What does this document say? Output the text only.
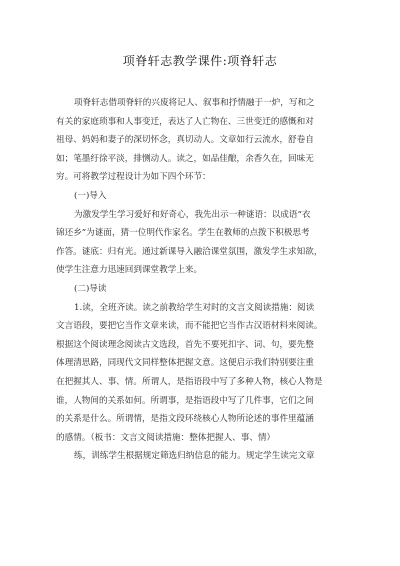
项脊轩志教学课件:项脊轩志
项脊轩志借项脊轩的兴废将记人、叙事和抒情融于一炉，写和之
有关的家庭琐事和人事变迁，表达了人亡物在、三世变迁的感慨和对
祖母、妈妈和妻子的深切怀念，真切动人。文章如行云流水，舒卷自
如；笔墨纡徐平淡，排恻动人。读之，如品佳酿，余香久在，回味无
穷。可将教学过程设计为如下四个环节：
(一)导入
为激发学生学习爱好和好奇心，我先出示一种谜语：以成语“衣
锦还乡”为谜面，猜一位明代作家名。学生在教师的点拨下积极思考
作答。谜底：归有光。通过新课导入融洽课堂氛围，激发学生求知欲，
使学生注意力迅速回到课堂教学上来。
(二)导读
1.读，全班齐读。读之前教给学生对时的文言文阅读措施：阅读
文言语段，要把它当作文章来读，而不能把它当作古汉语材料来阅读。
根据这个阅读理念阅读古文选段，首先不要死扣字、词、句，要先整
体理清思路，同现代文同样整体把握文意。这便启示我们特别要注重
在把握其人、事、情。所谓人，是指语段中写了多种人物，核心人物是
谁，人物间的关系如何。所谓事，是指语段中写了几件事，它们之间
的关系是什么。所谓情，是指文段环绕核心人物所论述的事件里蕴涵
的感情。（板书：文言文阅读措施：整体把握人、事、情）
练，训练学生根据规定筛选归纳信息的能力。规定学生读完文章
